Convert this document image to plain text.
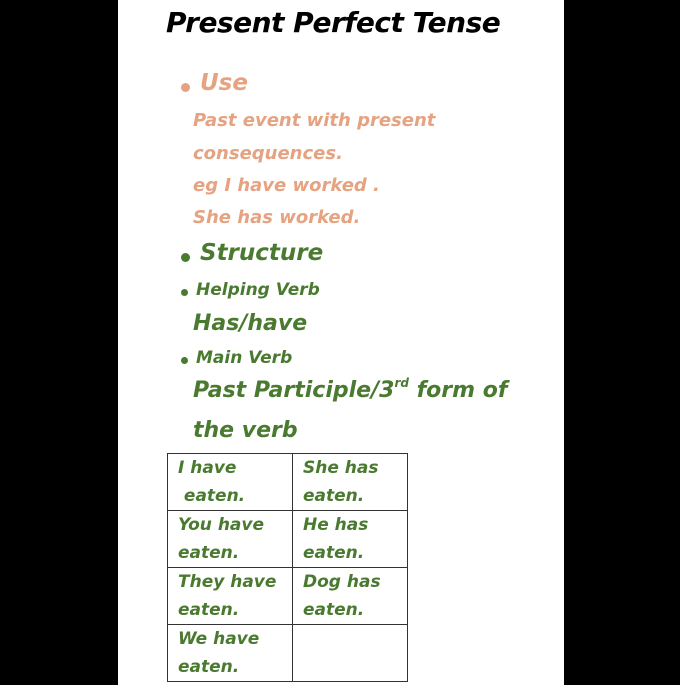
Present Perfect Tense
Use
Past event with present
consequences.
eg I have worked .
She has worked.
Structure
Helping Verb
Has/have
Main Verb
Past Participle/3rd form of
the verb
I have
eaten.	She has
eaten.

You have
eaten.	He has
eaten.

They have
eaten.	Dog has
eaten.

We have
eaten.	
